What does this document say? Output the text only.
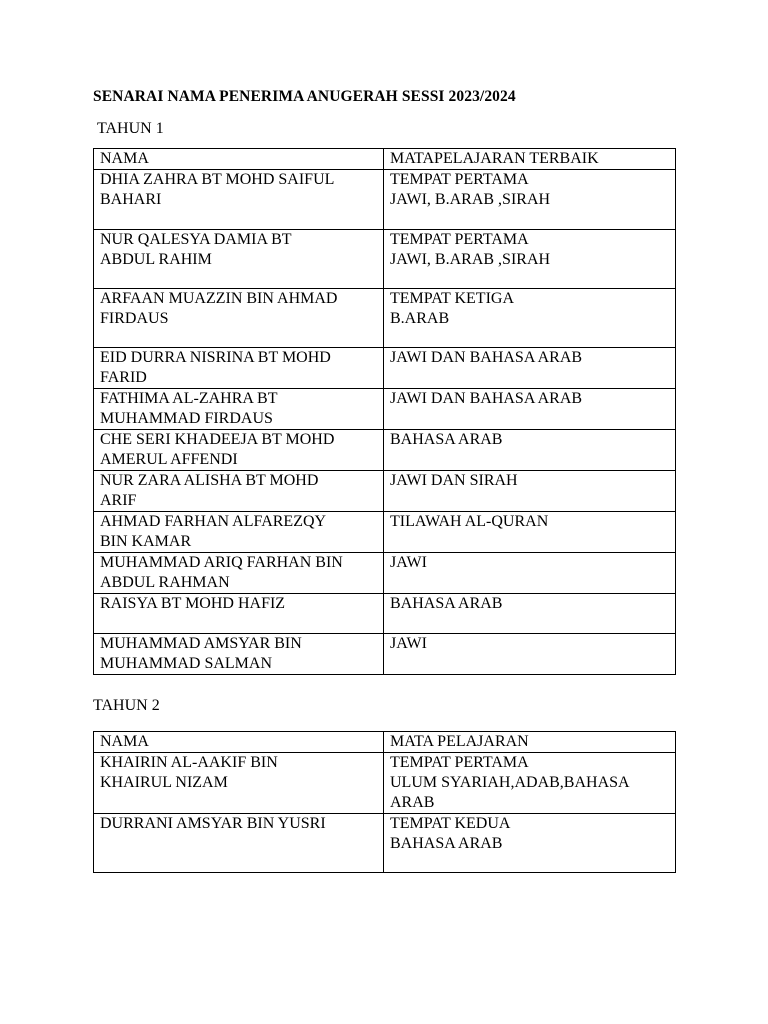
SENARAI NAMA PENERIMA ANUGERAH SESSI 2023/2024
TAHUN 1
NAMA	MATAPELAJARAN TERBAIK

DHIA ZAHRA BT MOHD SAIFUL
BAHARI	TEMPAT PERTAMA
JAWI, B.ARAB ,SIRAH

NUR QALESYA DAMIA BT
ABDUL RAHIM	TEMPAT PERTAMA
JAWI, B.ARAB ,SIRAH

ARFAAN MUAZZIN BIN AHMAD
FIRDAUS	TEMPAT KETIGA
B.ARAB

EID DURRA NISRINA BT MOHD
FARID	JAWI DAN BAHASA ARAB

FATHIMA AL-ZAHRA BT
MUHAMMAD FIRDAUS	JAWI DAN BAHASA ARAB

CHE SERI KHADEEJA BT MOHD
AMERUL AFFENDI	BAHASA ARAB

NUR ZARA ALISHA BT MOHD
ARIF	JAWI DAN SIRAH

AHMAD FARHAN ALFAREZQY
BIN KAMAR	TILAWAH AL-QURAN

MUHAMMAD ARIQ FARHAN BIN
ABDUL RAHMAN	JAWI

RAISYA BT MOHD HAFIZ	BAHASA ARAB

MUHAMMAD AMSYAR BIN
MUHAMMAD SALMAN	JAWI
TAHUN 2
NAMA	MATA PELAJARAN

KHAIRIN AL-AAKIF BIN
KHAIRUL NIZAM	TEMPAT PERTAMA
ULUM SYARIAH,ADAB,BAHASA
ARAB

DURRANI AMSYAR BIN YUSRI	TEMPAT KEDUA
BAHASA ARAB
